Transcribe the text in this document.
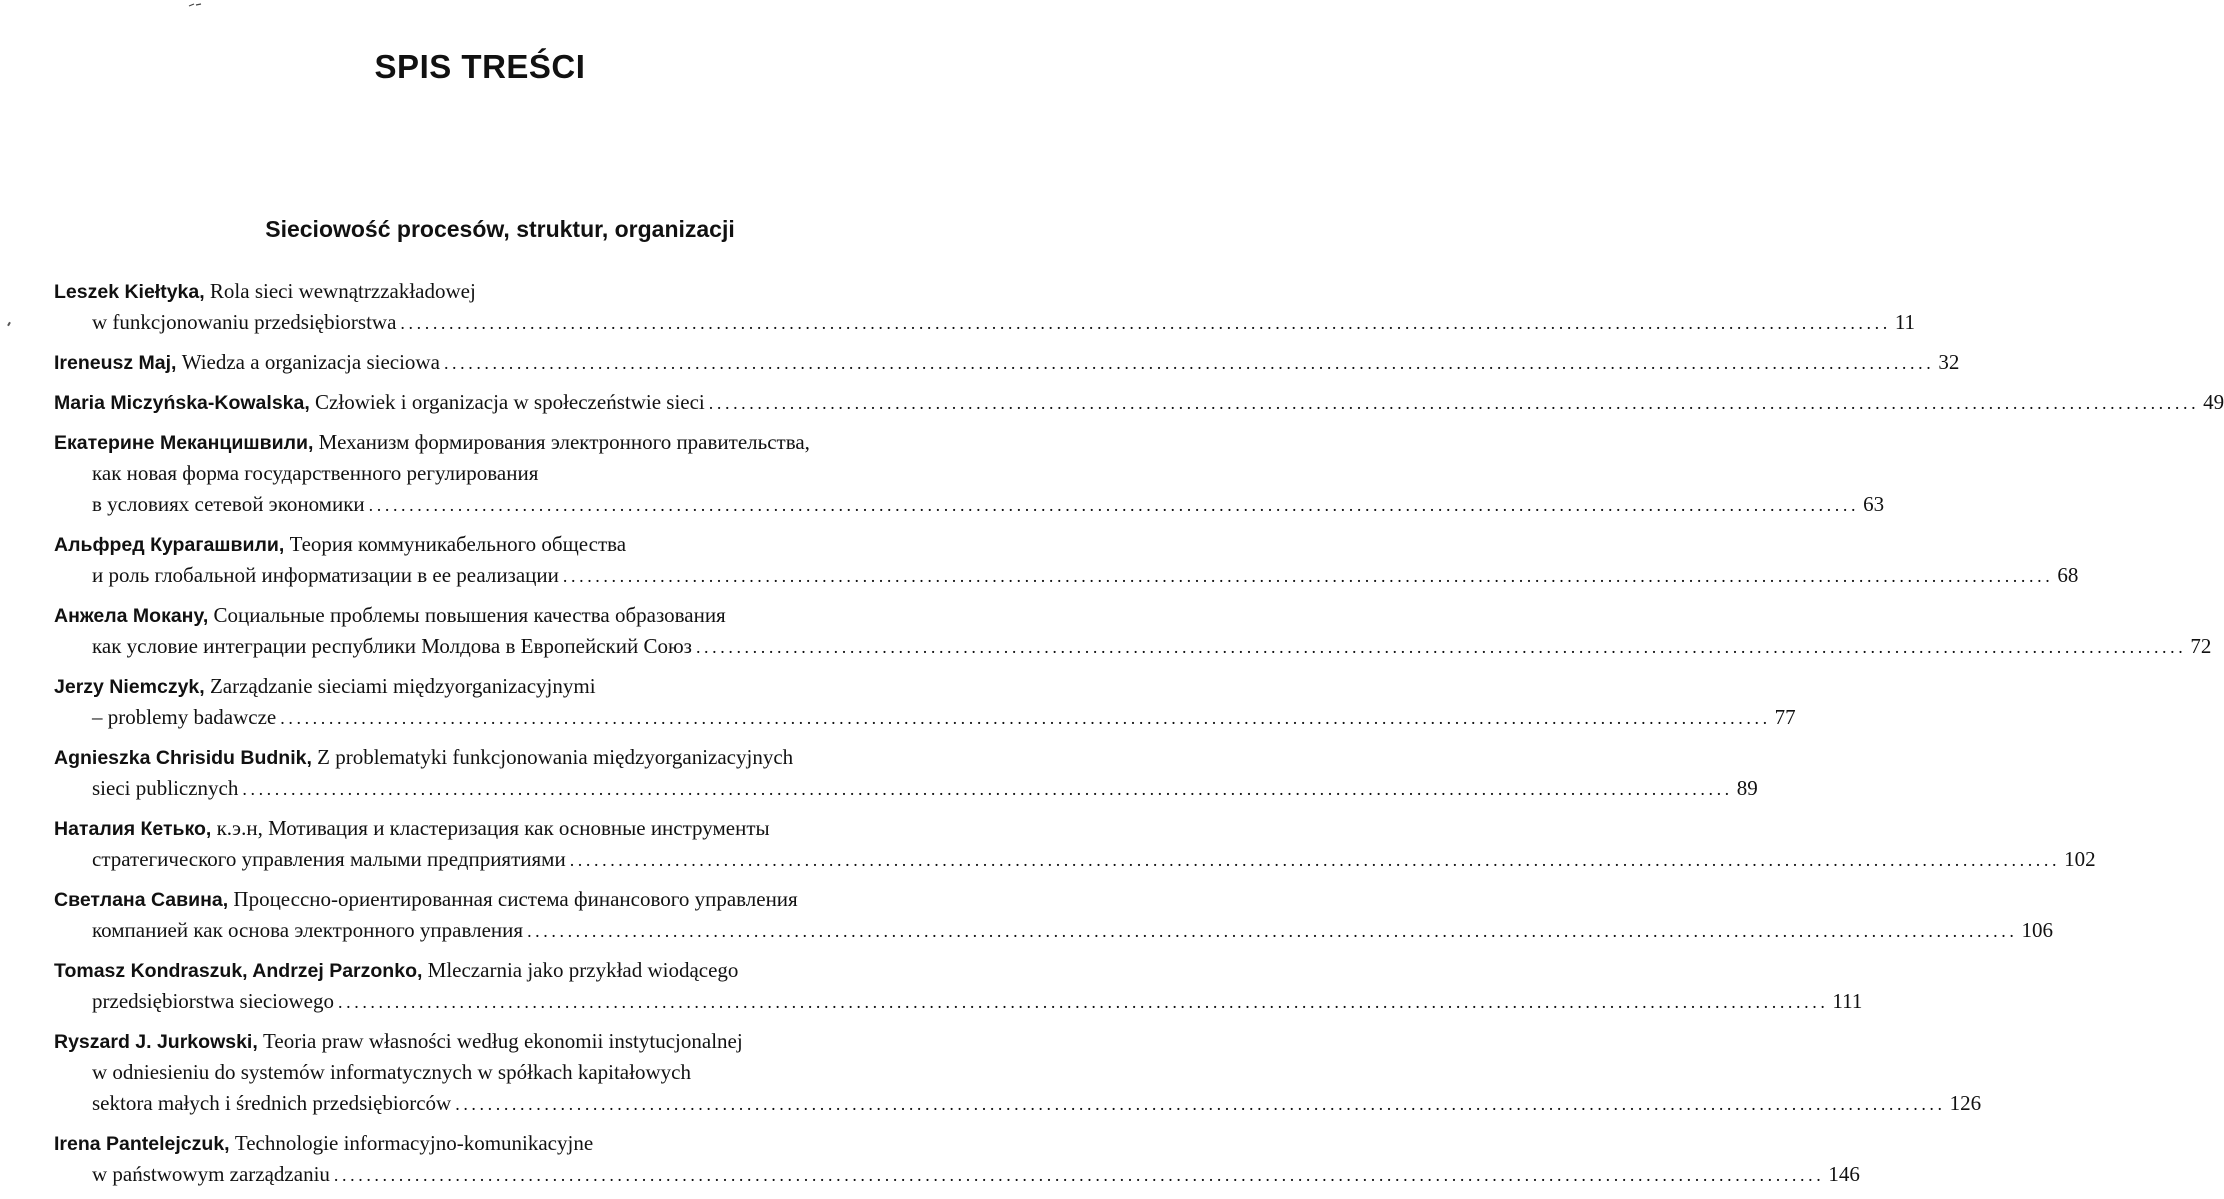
SPIS TREŚCI
Sieciowość procesów, struktur, organizacji
Leszek Kiełtyka,
Rola sieci wewnątrzzakładowej
w funkcjonowaniu przedsiębiorstwa .....	11
Ireneusz Maj,
Wiedza a organizacja sieciowa .....	32
Maria Miczyńska-Kowalska,
Człowiek i organizacja w społeczeństwie sieci .....	49
Екатерине Меканцишвили,
Механизм формирования электронного правительства,
как новая форма государственного регулирования
в условиях сетевой экономики .....	63
Альфред Курагашвили,
Теория коммуникабельного общества
и роль глобальной информатизации в ее реализации .....	68
Анжела Мокану,
Социальные проблемы повышения качества образования
как условие интеграции республики Молдова в Европейский Союз .....	72
Jerzy Niemczyk,
Zarządzanie sieciami międzyorganizacyjnymi
– problemy badawcze .....	77
Agnieszka Chrisidu Budnik,
Z problematyki funkcjonowania międzyorganizacyjnych
sieci publicznych .....	89
Наталия Кетько,
к.э.н, Мотивация и кластеризация как основные инструменты
стратегического управления малыми предприятиями .....	102
Светлана Савина,
Процессно-ориентированная система финансового управления
компанией как основа электронного управления .....	106
Tomasz Kondraszuk, Andrzej Parzonko,
Mleczarnia jako przykład wiodącego
przedsiębiorstwa sieciowego .....	111
Ryszard J. Jurkowski,
Teoria praw własności według ekonomii instytucjonalnej
w odniesieniu do systemów informatycznych w spółkach kapitałowych
sektora małych i średnich przedsiębiorców .....	126
Irena Pantelejczuk,
Technologie informacyjno-komunikacyjne
w państwowym zarządzaniu .....	146
